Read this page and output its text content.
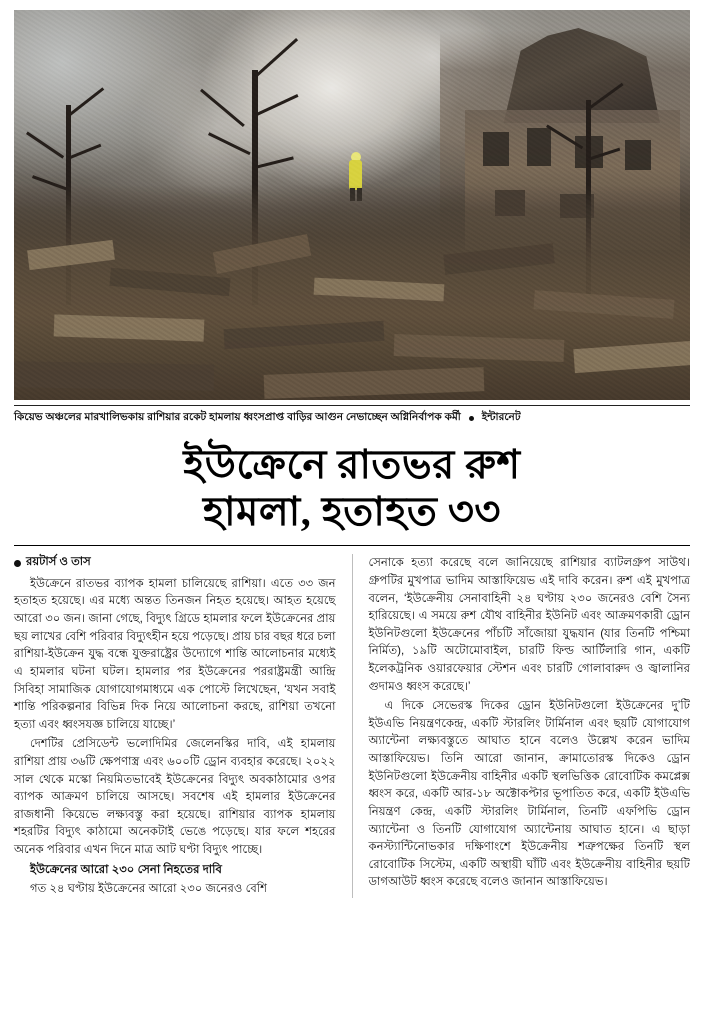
কিয়েভ অঞ্চলের মারখালিভকায় রাশিয়ার রকেট হামলায় ধ্বংসপ্রাপ্ত বাড়ির আগুন নেভাচ্ছেন অগ্নিনির্বাপক কর্মী ইন্টারনেট
ইউক্রেনে রাতভর রুশ
হামলা, হতাহত ৩৩
রয়টার্স ও তাস

ইউক্রেনে রাতভর ব্যাপক হামলা চালিয়েছে রাশিয়া। এতে ৩৩ জন হতাহত হয়েছে। এর মধ্যে অন্তত তিনজন নিহত হয়েছে। আহত হয়েছে আরো ৩০ জন। জানা গেছে, বিদ্যুৎ গ্রিডে হামলার ফলে ইউক্রেনের প্রায় ছয় লাখের বেশি পরিবার বিদ্যুৎহীন হয়ে পড়েছে। প্রায় চার বছর ধরে চলা রাশিয়া-ইউক্রেন যুদ্ধ বন্ধে যুক্তরাষ্ট্রের উদ্যোগে শান্তি আলোচনার মধ্যেই এ হামলার ঘটনা ঘটল। হামলার পর ইউক্রেনের পররাষ্ট্রমন্ত্রী আন্দ্রি সিবিহা সামাজিক যোগাযোগমাধ্যমে এক পোস্টে লিখেছেন, ‘যখন সবাই শান্তি পরিকল্পনার বিভিন্ন দিক নিয়ে আলোচনা করছে, রাশিয়া তখনো হত্যা এবং ধ্বংসযজ্ঞ চালিয়ে যাচ্ছে।’

দেশটির প্রেসিডেন্ট ভলোদিমির জেলেনস্কির দাবি, এই হামলায় রাশিয়া প্রায় ৩৬টি ক্ষেপণাস্ত্র এবং ৬০০টি ড্রোন ব্যবহার করেছে। ২০২২ সাল থেকে মস্কো নিয়মিতভাবেই ইউক্রেনের বিদ্যুৎ অবকাঠামোর ওপর ব্যাপক আক্রমণ চালিয়ে আসছে। সবশেষ এই হামলার ইউক্রেনের রাজধানী কিয়েভে লক্ষ্যবস্তু করা হয়েছে। রাশিয়ার ব্যাপক হামলায় শহরটির বিদ্যুৎ কাঠামো অনেকটাই ভেঙে পড়েছে। যার ফলে শহরের অনেক পরিবার এখন দিনে মাত্র আট ঘণ্টা বিদ্যুৎ পাচ্ছে।

ইউক্রেনের আরো ২৩০ সেনা নিহতের দাবি

গত ২৪ ঘণ্টায় ইউক্রেনের আরো ২৩০ জনেরও বেশি

সেনাকে হত্যা করেছে বলে জানিয়েছে রাশিয়ার ব্যাটলগ্রুপ সাউথ। গ্রুপটির মুখপাত্র ভাদিম আস্তাফিয়েভ এই দাবি করেন। রুশ এই মুখপাত্র বলেন, ‘ইউক্রেনীয় সেনাবাহিনী ২৪ ঘণ্টায় ২৩০ জনেরও বেশি সৈন্য হারিয়েছে। এ সময়ে রুশ যৌথ বাহিনীর ইউনিট এবং আক্রমণকারী ড্রোন ইউনিটগুলো ইউক্রেনের পাঁচটি সাঁজোয়া যুদ্ধযান (যার তিনটি পশ্চিমা নির্মিত), ১৯টি অটোমোবাইল, চারটি ফিল্ড আর্টিলারি গান, একটি ইলেকট্রনিক ওয়ারফেয়ার স্টেশন এবং চারটি গোলাবারুদ ও জ্বালানির গুদামও ধ্বংস করেছে।’

এ দিকে সেভেরস্ক দিকের ড্রোন ইউনিটগুলো ইউক্রেনের দু’টি ইউএভি নিয়ন্ত্রণকেন্দ্র, একটি স্টারলিং টার্মিনাল এবং ছয়টি যোগাযোগ অ্যান্টেনা লক্ষ্যবস্তুতে আঘাত হানে বলেও উল্লেখ করেন ভাদিম আস্তাফিয়েভ। তিনি আরো জানান, ক্রামাতোরস্ক দিকেও ড্রোন ইউনিটগুলো ইউক্রেনীয় বাহিনীর একটি স্থলভিত্তিক রোবোটিক কমপ্লেক্স ধ্বংস করে, একটি আর-১৮ অক্টোকপ্টার ভূপাতিত করে, একটি ইউএভি নিয়ন্ত্রণ কেন্দ্র, একটি স্টারলিং টার্মিনাল, তিনটি এফপিভি ড্রোন অ্যান্টেনা ও তিনটি যোগাযোগ অ্যান্টেনায় আঘাত হানে। এ ছাড়া কনস্ট্যান্টিনোভকার দক্ষিণাংশে ইউক্রেনীয় শত্রুপক্ষের তিনটি স্থল রোবোটিক সিস্টেম, একটি অস্থায়ী ঘাঁটি এবং ইউক্রেনীয় বাহিনীর ছয়টি ডাগআউট ধ্বংস করেছে বলেও জানান আস্তাফিয়েভ।
